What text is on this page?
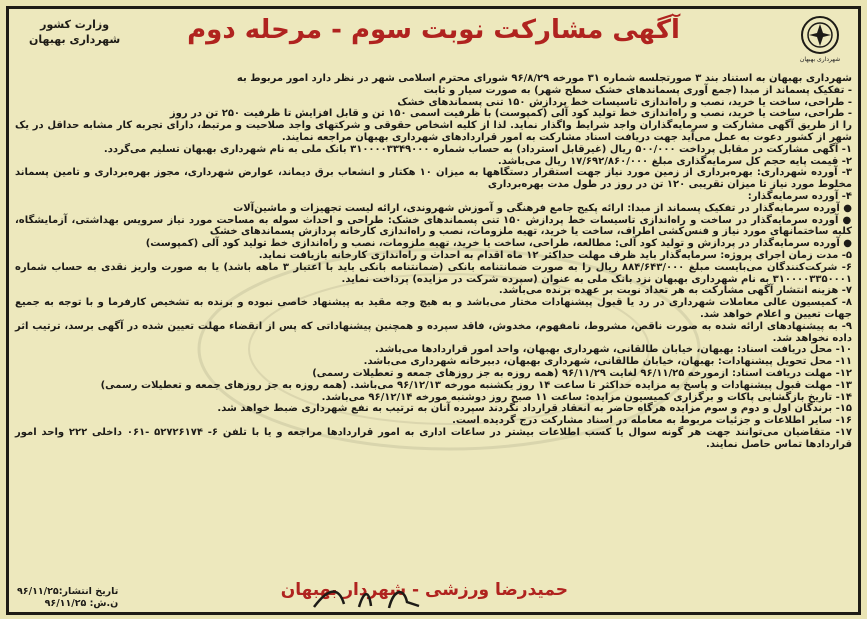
شهرداری بهبهان
آگهی مشارکت نوبت سوم - مرحله دوم
وزارت کشور
شهرداری بهبهان

شهرداری بهبهان به استناد بند ۳ صورتجلسه شماره ۳۱ مورخه ۹۶/۸/۲۹ شورای محترم اسلامی شهر در نظر دارد امور مربوط به

- تفکیک پسماند از مبدا (جمع آوری پسماندهای خشک سطح شهر) به صورت سیار و ثابت

- طراحی، ساخت یا خرید، نصب و راه‌اندازی تاسیسات خط پردازش ۱۵۰ تنی پسماندهای خشک

- طراحی، ساخت یا خرید، نصب و راه‌اندازی خط تولید کود آلی (کمپوست) با ظرفیت اسمی ۱۵۰ تن و قابل افزایش تا ظرفیت ۲۵۰ تن در روز

را از طریق آگهی مشارکت و سرمایه‌گذاران واجد شرایط واگذار نماید. لذا از کلیه اشخاص حقوقی و شرکتهای واجد صلاحیت و مرتبط، دارای تجربه کار مشابه حداقل در یک شهر از کشور دعوت به عمل می‌آید جهت دریافت اسناد مشارکت به امور قراردادهای شهرداری بهبهان مراجعه نمایند.

۱- آگهی مشارکت در مقابل پرداخت ۵۰۰/۰۰۰ ریال (غیرقابل استرداد) به حساب شماره ۳۱۰۰۰۰۳۳۴۹۰۰۰ بانک ملی به نام شهرداری بهبهان تسلیم می‌گردد.

۲- قیمت پایه حجم کل سرمایه‌گذاری مبلغ ۱۷/۶۹۲/۸۶۰/۰۰۰ ریال می‌باشد.

۳- آورده شهرداری: بهره‌برداری از زمین مورد نیاز جهت استقرار دستگاهها به میزان ۱۰ هکتار و انشعاب برق دیماند، عوارض شهرداری، مجوز بهره‌برداری و تامین پسماند مخلوط مورد نیاز تا میزان تقریبی ۱۲۰ تن در روز در طول مدت بهره‌برداری

۴- آورده سرمایه‌گذار:

● آورده سرمایه‌گذار در تفکیک پسماند از مبدا: ارائه پکیج جامع فرهنگی و آموزش شهروندی، ارائه لیست تجهیزات و ماشین‌آلات

● آورده سرمایه‌گذار در ساخت و راه‌اندازی تاسیسات خط پردازش ۱۵۰ تنی پسماندهای خشک: طراحی و احداث سوله به مساحت مورد نیاز سرویس بهداشتی، آزمایشگاه، کلیه ساختمانهای مورد نیاز و فنس‌کشی اطراف، ساخت یا خرید، تهیه ملزومات، نصب و راه‌اندازی کارخانه پردازش پسماندهای خشک

● آورده سرمایه‌گذار در پردازش و تولید کود آلی: مطالعه، طراحی، ساخت یا خرید، تهیه ملزومات، نصب و راه‌اندازی خط تولید کود آلی (کمپوست)

۵- مدت زمان اجرای پروژه: سرمایه‌گذار باید ظرف مهلت حداکثر ۱۲ ماه اقدام به احداث و راه‌اندازی کارخانه بازیافت نماید.

۶- شرکت‌کنندگان می‌بایست مبلغ ۸۸۴/۶۴۳/۰۰۰ ریال را به صورت ضمانتنامه بانکی (ضمانتنامه بانکی باید با اعتبار ۳ ماهه باشد) یا به صورت واریز نقدی به حساب شماره ۳۱۰۰۰۰۳۳۵۰۰۰۱ به نام شهرداری بهبهان نزد بانک ملی به عنوان (سپرده شرکت در مزایده) پرداخت نماید.

۷- هزینه انتشار آگهی مشارکت به هر تعداد نوبت بر عهده برنده می‌باشد.

۸- کمیسیون عالی معاملات شهرداری در رد یا قبول پیشنهادات مختار می‌باشد و به هیچ وجه مقید به پیشنهاد خاصی نبوده و برنده به تشخیص کارفرما و با توجه به جمیع جهات تعیین و اعلام خواهد شد.

۹- به پیشنهادهای ارائه شده به صورت ناقص، مشروط، نامفهوم، مخدوش، فاقد سپرده و همچنین پیشنهاداتی که پس از انقضاء مهلت تعیین شده در آگهی برسد، ترتیب اثر داده نخواهد شد.

۱۰- محل دریافت اسناد: بهبهان، خیابان طالقانی، شهرداری بهبهان، واحد امور قراردادها می‌باشد.

۱۱- محل تحویل پیشنهادات: بهبهان، خیابان طالقانی، شهرداری بهبهان، دبیرخانه شهرداری می‌باشد.

۱۲- مهلت دریافت اسناد: ازمورخه ۹۶/۱۱/۲۵ لغایت ۹۶/۱۱/۲۹ (همه روزه به جز روزهای جمعه و تعطیلات رسمی)

۱۳- مهلت قبول پیشنهادات و پاسخ به مزایده حداکثر تا ساعت ۱۴ روز یکشنبه مورخه ۹۶/۱۲/۱۳ می‌باشد. (همه روزه به جز روزهای جمعه و تعطیلات رسمی)

۱۴- تاریخ بازگشایی پاکات و برگزاری کمیسیون مزایده: ساعت ۱۱ صبح روز دوشنبه مورخه ۹۶/۱۲/۱۴ می‌باشد.

۱۵- برندگان اول و دوم و سوم مزایده هرگاه حاضر به انعقاد قرارداد نگردند سپرده آنان به ترتیب به نفع شهرداری ضبط خواهد شد.

۱۶- سایر اطلاعات و جزئیات مربوط به معامله در اسناد مشارکت درج گردیده است.

۱۷- متقاضیان می‌توانند جهت هر گونه سوال یا کسب اطلاعات بیشتر در ساعات اداری به امور قراردادها مراجعه و یا با تلفن ۶- ۵۲۷۲۶۱۷۴ -۰۶۱ داخلی ۲۲۲ واحد امور قراردادها تماس حاصل نمایند.

حمیدرضا ورزشی - شهردار بهبهان
تاریخ انتشار:۹۶/۱۱/۲۵
ن.ش: ۹۶/۱۱/۲۵
